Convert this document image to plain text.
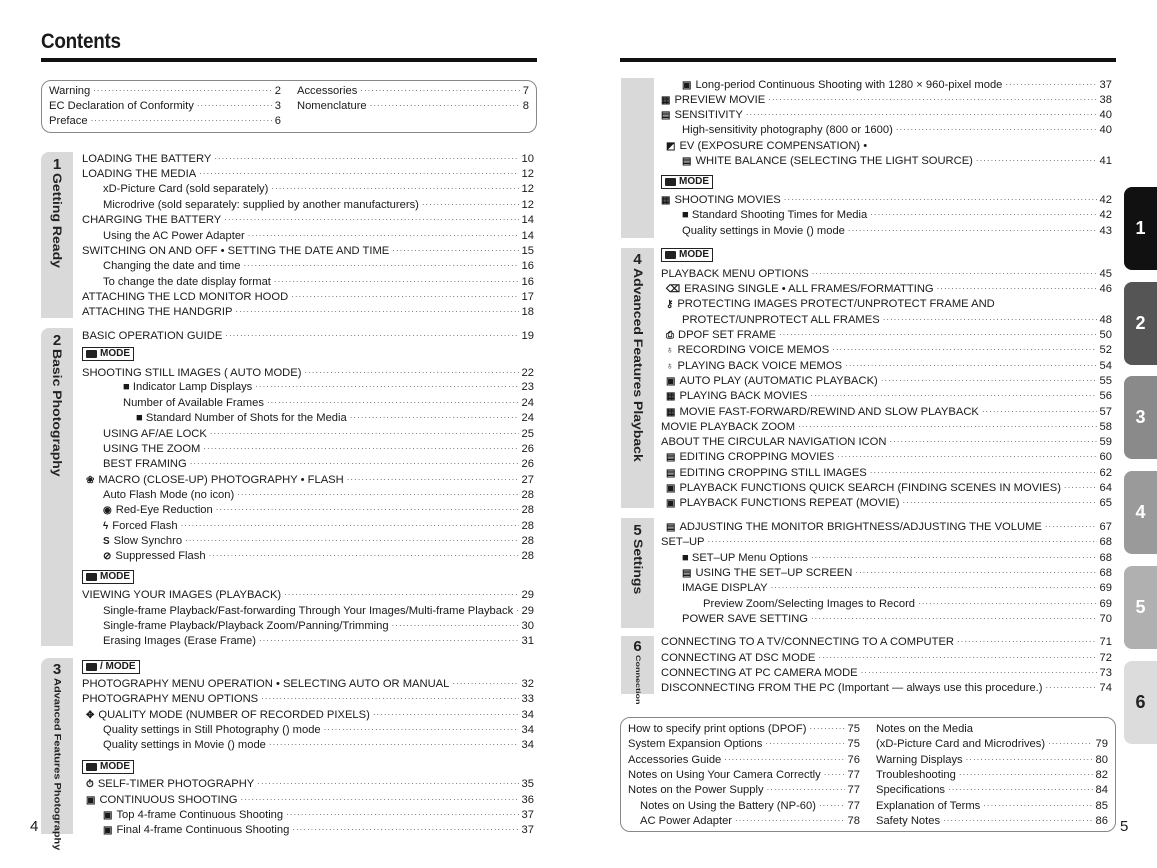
Contents
Warning ·····	2
EC Declaration of Conformity ·····	3
Preface ·····	6
Accessories ·····	7
Nomenclature ·····	8
1
Getting Ready
2
Basic Photography
3
Advanced Features Photography
4
Advanced Features Playback
5
Settings
6
Connection
MODE
MODE
/ MODE
MODE
MODE
MODE
4	5
LOADING THE BATTERY ·····	10
LOADING THE MEDIA ·····	12
xD-Picture Card (sold separately) ·····	12
Microdrive (sold separately: supplied by another manufacturers) ·····	12
CHARGING THE BATTERY ·····	14
Using the AC Power Adapter ·····	14
SWITCHING ON AND OFF • SETTING THE DATE AND TIME ·····	15
Changing the date and time ·····	16
To change the date display format ·····	16
ATTACHING THE LCD MONITOR HOOD ·····	17
ATTACHING THE HANDGRIP ·····	18
BASIC OPERATION GUIDE ·····	19
SHOOTING STILL IMAGES ( AUTO MODE) ·····	22
■ Indicator Lamp Displays ·····	23
Number of Available Frames ·····	24
■ Standard Number of Shots for the Media ·····	24
USING AF/AE LOCK ·····	25
USING THE ZOOM ·····	26
BEST FRAMING ·····	26
❀ MACRO (CLOSE-UP) PHOTOGRAPHY • FLASH ·····	27
Auto Flash Mode (no icon) ·····	28
◉ Red-Eye Reduction ·····	28
ϟ Forced Flash ·····	28
S Slow Synchro ·····	28
⊘ Suppressed Flash ·····	28
VIEWING YOUR IMAGES (PLAYBACK) ·····	29
Single-frame Playback/Fast-forwarding Through Your Images/Multi-frame Playback ····· 29
Single-frame Playback/Playback Zoom/Panning/Trimming ·····	30
Erasing Images (Erase Frame) ·····	31
PHOTOGRAPHY MENU OPERATION • SELECTING AUTO OR MANUAL ·····	32
PHOTOGRAPHY MENU OPTIONS ·····	33
✥ QUALITY MODE (NUMBER OF RECORDED PIXELS) ·····	34
Quality settings in Still Photography () mode ·····	34
Quality settings in Movie () mode ·····	34
⏱ SELF-TIMER PHOTOGRAPHY ·····	35
▣ CONTINUOUS SHOOTING ·····	36
▣ Top 4-frame Continuous Shooting ·····	37
▣ Final 4-frame Continuous Shooting ·····	37
▣ Long-period Continuous Shooting with 1280 × 960-pixel mode ·····	37
▦ PREVIEW MOVIE ·····	38
▤ SENSITIVITY ·····	40
High-sensitivity photography (800 or 1600) ·····	40
◩ EV (EXPOSURE COMPENSATION) •
▤ WHITE BALANCE (SELECTING THE LIGHT SOURCE) ·····	41
▦ SHOOTING MOVIES ·····	42
■ Standard Shooting Times for Media ·····	42
Quality settings in Movie () mode ·····	43
PLAYBACK MENU OPTIONS ·····	45
⌫ ERASING SINGLE • ALL FRAMES/FORMATTING ·····	46
⚷ PROTECTING IMAGES PROTECT/UNPROTECT FRAME AND
PROTECT/UNPROTECT ALL FRAMES ·····	48
⎙ DPOF SET FRAME ·····	50
♁ RECORDING VOICE MEMOS ·····	52
♁ PLAYING BACK VOICE MEMOS ·····	54
▣ AUTO PLAY (AUTOMATIC PLAYBACK) ·····	55
▦ PLAYING BACK MOVIES ·····	56
▦ MOVIE FAST-FORWARD/REWIND AND SLOW PLAYBACK ·····	57
MOVIE PLAYBACK ZOOM ·····	58
ABOUT THE CIRCULAR NAVIGATION ICON ·····	59
▤ EDITING CROPPING MOVIES ·····	60
▤ EDITING CROPPING STILL IMAGES ·····	62
▣ PLAYBACK FUNCTIONS QUICK SEARCH (FINDING SCENES IN MOVIES) ·····	64
▣ PLAYBACK FUNCTIONS REPEAT (MOVIE) ·····	65
▤ ADJUSTING THE MONITOR BRIGHTNESS/ADJUSTING THE VOLUME ·····	67
SET–UP ·····	68
■ SET–UP Menu Options ·····	68
▤ USING THE SET–UP SCREEN ·····	68
IMAGE DISPLAY ·····	69
Preview Zoom/Selecting Images to Record ·····	69
POWER SAVE SETTING ·····	70
CONNECTING TO A TV/CONNECTING TO A COMPUTER ·····	71
CONNECTING AT DSC MODE ·····	72
CONNECTING AT PC CAMERA MODE ·····	73
DISCONNECTING FROM THE PC (Important — always use this procedure.) ·····	74
How to specify print options (DPOF) ·····	75
System Expansion Options ·····	75
Accessories Guide ·····	76
Notes on Using Your Camera Correctly ····· 77
Notes on the Power Supply ·····	77
Notes on Using the Battery (NP-60) ·····	77
AC Power Adapter ·····	78
Notes on the Media
(xD-Picture Card and Microdrives) ·····	79
Warning Displays ·····	80
Troubleshooting ·····	82
Specifications ·····	84
Explanation of Terms ·····	85
Safety Notes ·····	86
1
2
3
4
5
6
